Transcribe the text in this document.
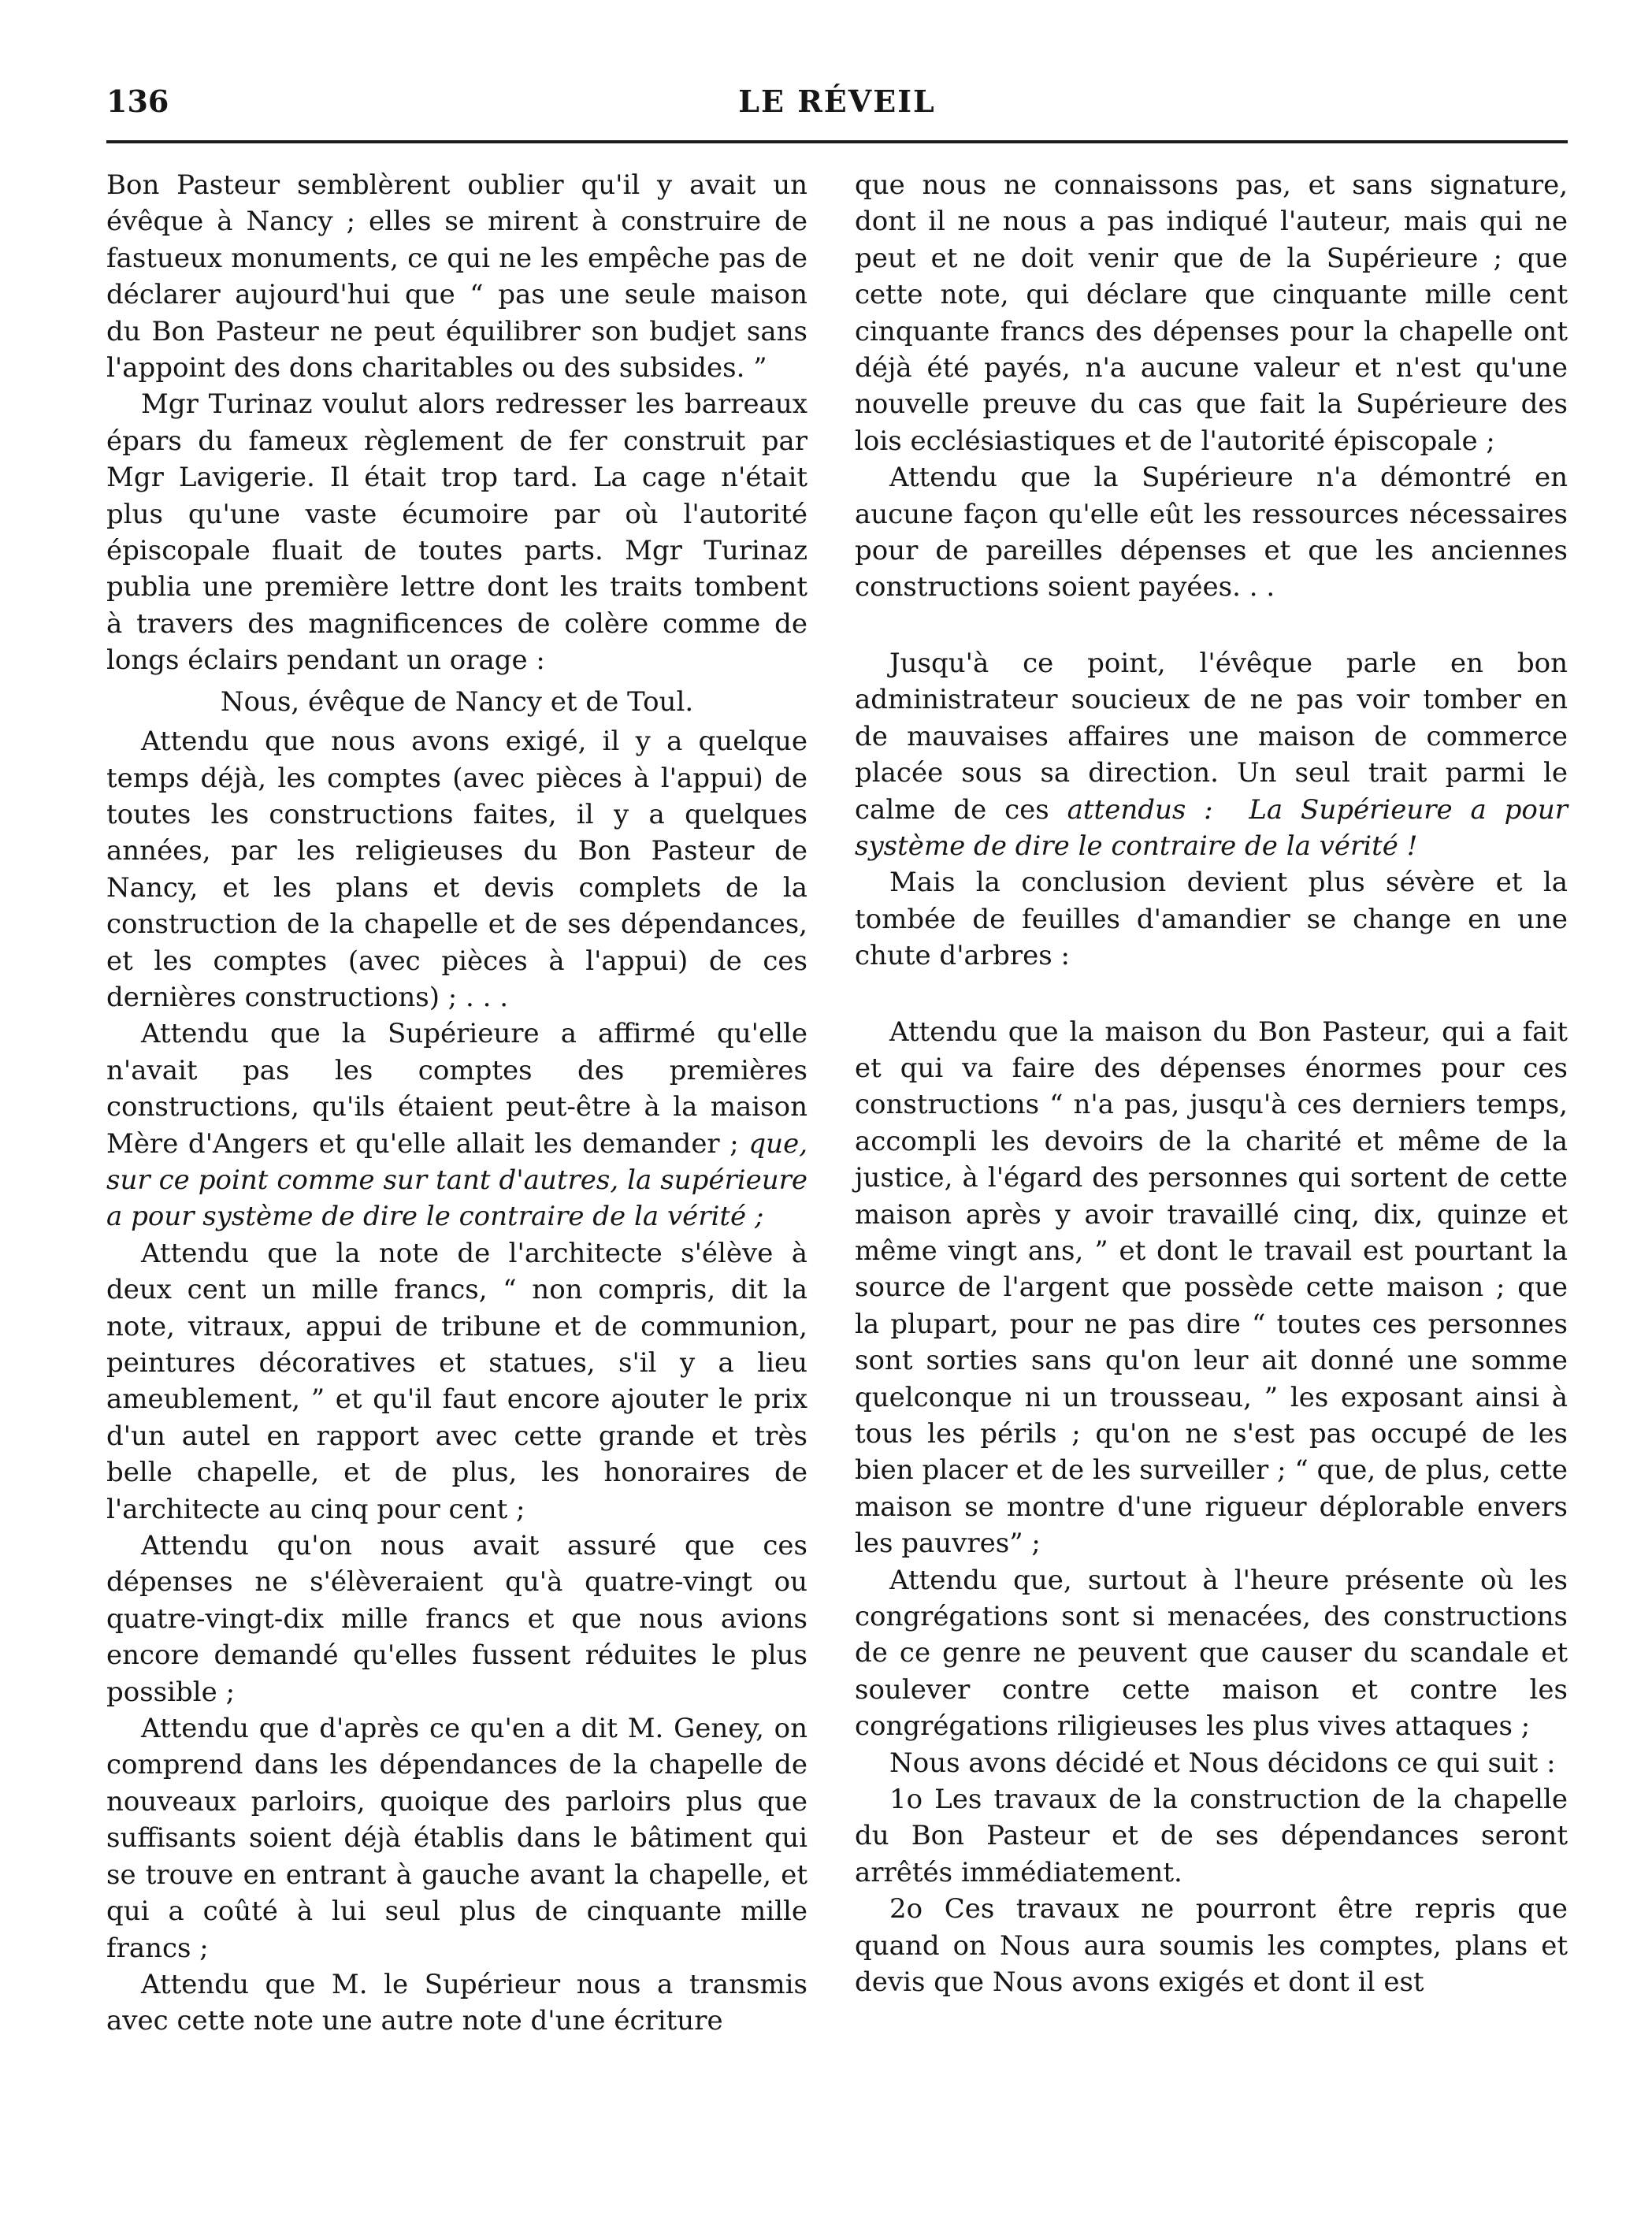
136	LE RÉVEIL

Bon Pasteur semblèrent oublier qu'il y avait un évêque à Nancy ; elles se mirent à construire de fastueux monuments, ce qui ne les empêche pas de déclarer aujourd'hui que “ pas une seule maison du Bon Pasteur ne peut équilibrer son budjet sans l'appoint des dons charitables ou des subsides. ”

Mgr Turinaz voulut alors redresser les barreaux épars du fameux règlement de fer construit par Mgr Lavigerie. Il était trop tard. La cage n'était plus qu'une vaste écumoire par où l'autorité épiscopale fluait de toutes parts. Mgr Turinaz publia une première lettre dont les traits tombent à travers des magnificences de colère comme de longs éclairs pendant un orage :

Nous, évêque de Nancy et de Toul.

Attendu que nous avons exigé, il y a quelque temps déjà, les comptes (avec pièces à l'appui) de toutes les constructions faites, il y a quelques années, par les religieuses du Bon Pasteur de Nancy, et les plans et devis complets de la construction de la chapelle et de ses dépendances, et les comptes (avec pièces à l'appui) de ces dernières constructions) ; . . .

Attendu que la Supérieure a affirmé qu'elle n'avait pas les comptes des premières constructions, qu'ils étaient peut-être à la maison Mère d'Angers et qu'elle allait les demander ; que, sur ce point comme sur tant d'autres, la supérieure a pour système de dire le contraire de la vérité ;

Attendu que la note de l'architecte s'élève à deux cent un mille francs, “ non compris, dit la note, vitraux, appui de tribune et de communion, peintures décoratives et statues, s'il y a lieu ameublement, ” et qu'il faut encore ajouter le prix d'un autel en rapport avec cette grande et très belle chapelle, et de plus, les honoraires de l'architecte au cinq pour cent ;

Attendu qu'on nous avait assuré que ces dépenses ne s'élèveraient qu'à quatre-vingt ou quatre-vingt-dix mille francs et que nous avions encore demandé qu'elles fussent réduites le plus possible ;

Attendu que d'après ce qu'en a dit M. Geney, on comprend dans les dépendances de la chapelle de nouveaux parloirs, quoique des parloirs plus que suffisants soient déjà établis dans le bâtiment qui se trouve en entrant à gauche avant la chapelle, et qui a coûté à lui seul plus de cinquante mille francs ;

Attendu que M. le Supérieur nous a transmis avec cette note une autre note d'une écriture

que nous ne connaissons pas, et sans signature, dont il ne nous a pas indiqué l'auteur, mais qui ne peut et ne doit venir que de la Supérieure ; que cette note, qui déclare que cinquante mille cent cinquante francs des dépenses pour la chapelle ont déjà été payés, n'a aucune valeur et n'est qu'une nouvelle preuve du cas que fait la Supérieure des lois ecclésiastiques et de l'autorité épiscopale ;

Attendu que la Supérieure n'a démontré en aucune façon qu'elle eût les ressources nécessaires pour de pareilles dépenses et que les anciennes constructions soient payées. . .

Jusqu'à ce point, l'évêque parle en bon administrateur soucieux de ne pas voir tomber en de mauvaises affaires une maison de commerce placée sous sa direction. Un seul trait parmi le calme de ces attendus : La Supérieure a pour système de dire le contraire de la vérité !

Mais la conclusion devient plus sévère et la tombée de feuilles d'amandier se change en une chute d'arbres :

Attendu que la maison du Bon Pasteur, qui a fait et qui va faire des dépenses énormes pour ces constructions “ n'a pas, jusqu'à ces derniers temps, accompli les devoirs de la charité et même de la justice, à l'égard des personnes qui sortent de cette maison après y avoir travaillé cinq, dix, quinze et même vingt ans, ” et dont le travail est pourtant la source de l'argent que possède cette maison ; que la plupart, pour ne pas dire “ toutes ces personnes sont sorties sans qu'on leur ait donné une somme quelconque ni un trousseau, ” les exposant ainsi à tous les périls ; qu'on ne s'est pas occupé de les bien placer et de les surveiller ; “ que, de plus, cette maison se montre d'une rigueur déplorable envers les pauvres” ;

Attendu que, surtout à l'heure présente où les congrégations sont si menacées, des constructions de ce genre ne peuvent que causer du scandale et soulever contre cette maison et contre les congrégations riligieuses les plus vives attaques ;

Nous avons décidé et Nous décidons ce qui suit :

1o Les travaux de la construction de la chapelle du Bon Pasteur et de ses dépendances seront arrêtés immédiatement.

2o Ces travaux ne pourront être repris que quand on Nous aura soumis les comptes, plans et devis que Nous avons exigés et dont il est
